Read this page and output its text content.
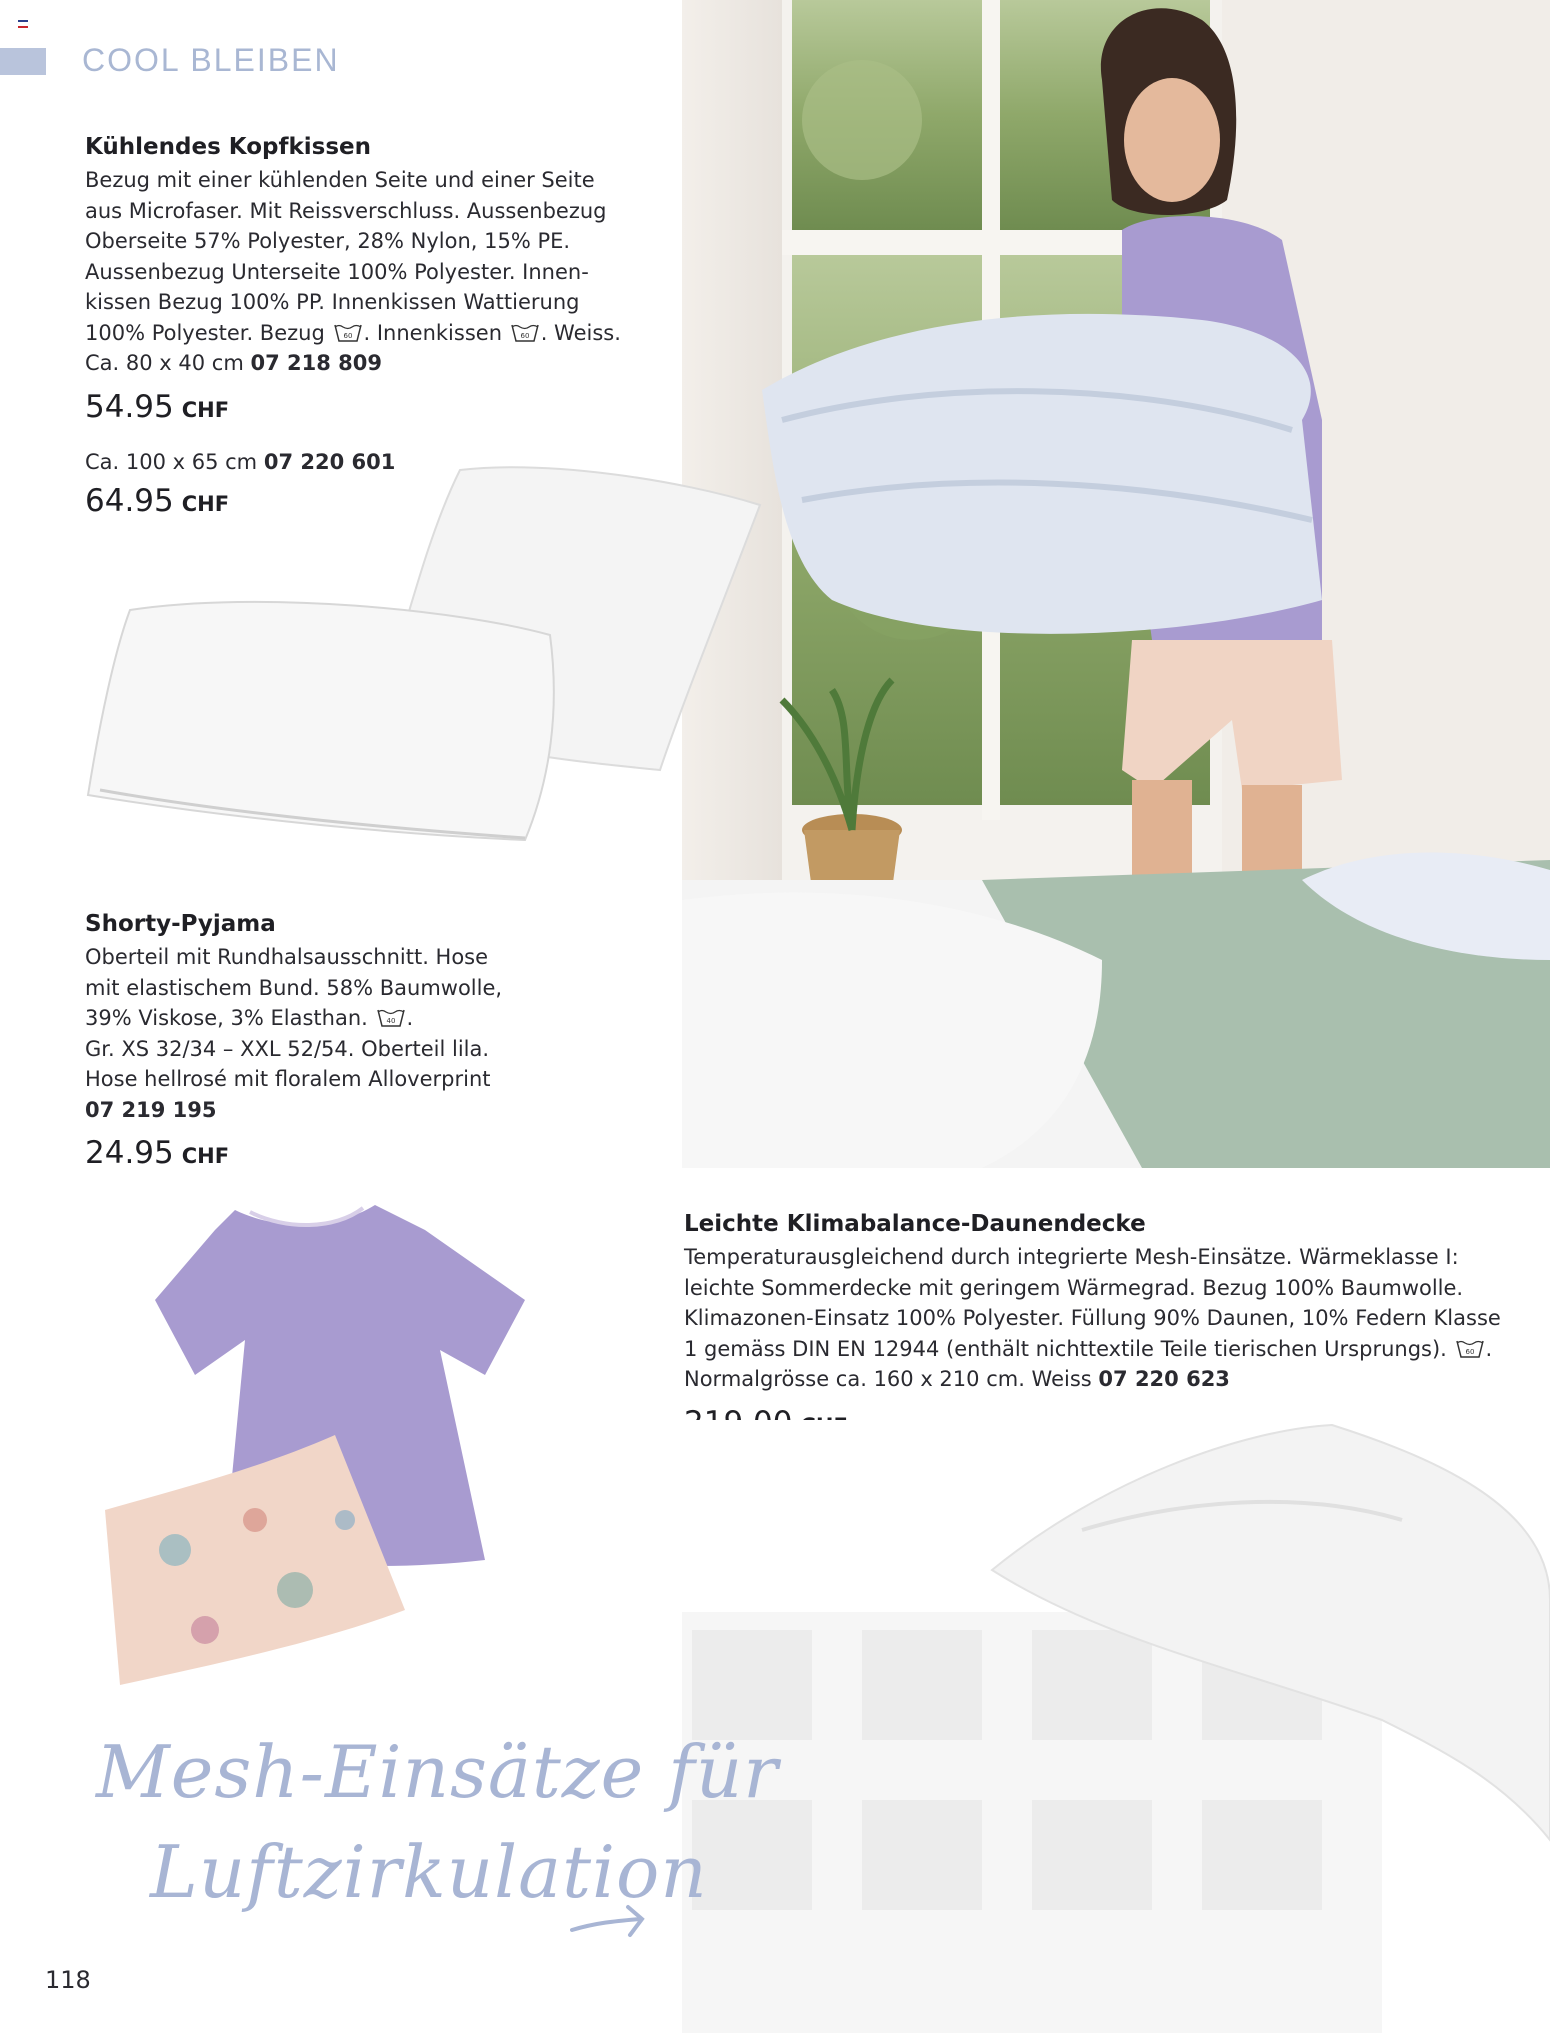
COOL BLEIBEN
Kühlendes Kopfkissen

Bezug mit einer kühlenden Seite und einer Seite
aus Microfaser. Mit Reissverschluss. Aussenbezug
Oberseite 57% Polyester, 28% Nylon, 15% PE.
Aussenbezug Unterseite 100% Polyester. Innen-
kissen Bezug 100% PP. Innenkissen Wattierung
100% Polyester. Bezug	60 . Innenkissen	60 . Weiss.
Ca. 80 x 40 cm 07 218 809

54.95 CHF

Ca. 100 x 65 cm 07 220 601

64.95 CHF
Shorty-Pyjama

Oberteil mit Rundhalsausschnitt. Hose
mit elastischem Bund. 58% Baumwolle,
39% Viskose, 3% Elasthan.	40 .
Gr. XS 32/34 – XXL 52/54. Oberteil lila.
Hose hellrosé mit floralem Alloverprint
07 219 195

24.95 CHF
Leichte Klimabalance-Daunendecke

Temperaturausgleichend durch integrierte Mesh-Einsätze. Wärmeklasse I:
leichte Sommerdecke mit geringem Wärmegrad. Bezug 100% Baumwolle.
Klimazonen-Einsatz 100% Polyester. Füllung 90% Daunen, 10% Federn Klasse
1 gemäss DIN EN 12944 (enthält nichttextile Teile tierischen Ursprungs).	60 .
Normalgrösse ca. 160 x 210 cm. Weiss 07 220 623

Mesh-Einsätze für
Luftzirkulation
118
